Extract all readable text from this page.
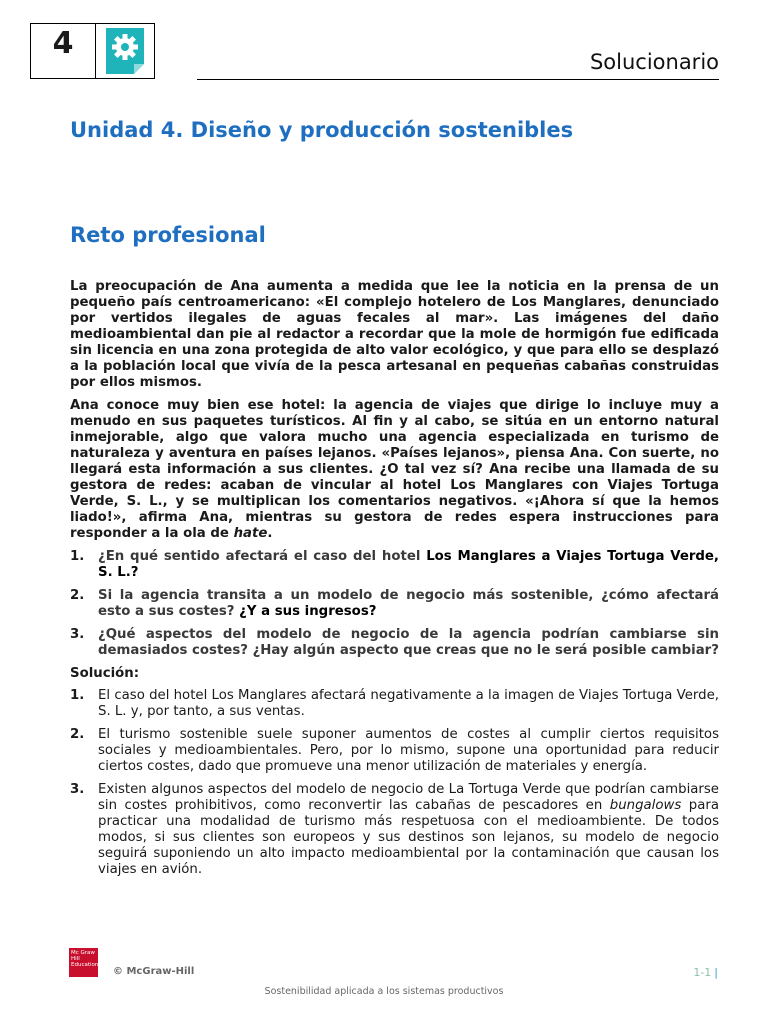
4
Solucionario
Unidad 4. Diseño y producción sostenibles
Reto profesional

La preocupación de Ana aumenta a medida que lee la noticia en la prensa de un pequeño país centroamericano: «El complejo hotelero de Los Manglares, denunciado por vertidos ilegales de aguas fecales al mar». Las imágenes del daño medioambiental dan pie al redactor a recordar que la mole de hormigón fue edificada sin licencia en una zona protegida de alto valor ecológico, y que para ello se desplazó a la población local que vivía de la pesca artesanal en pequeñas cabañas construidas por ellos mismos.

Ana conoce muy bien ese hotel: la agencia de viajes que dirige lo incluye muy a menudo en sus paquetes turísticos. Al fin y al cabo, se sitúa en un entorno natural inmejorable, algo que valora mucho una agencia especializada en turismo de naturaleza y aventura en países lejanos. «Países lejanos», piensa Ana. Con suerte, no llegará esta información a sus clientes. ¿O tal vez sí? Ana recibe una llamada de su gestora de redes: acaban de vincular al hotel Los Manglares con Viajes Tortuga Verde, S. L., y se multiplican los comentarios negativos. «¡Ahora sí que la hemos liado!», afirma Ana, mientras su gestora de redes espera instrucciones para responder a la ola de hate.

1. ¿En qué sentido afectará el caso del hotel Los Manglares a Viajes Tortuga Verde, S. L.?
2. Si la agencia transita a un modelo de negocio más sostenible, ¿cómo afectará esto a sus costes? ¿Y a sus ingresos?
3. ¿Qué aspectos del modelo de negocio de la agencia podrían cambiarse sin demasiados costes? ¿Hay algún aspecto que creas que no le será posible cambiar?
Solución:
1. El caso del hotel Los Manglares afectará negativamente a la imagen de Viajes Tortuga Verde, S. L. y, por tanto, a sus ventas.
2. El turismo sostenible suele suponer aumentos de costes al cumplir ciertos requisitos sociales y medioambientales. Pero, por lo mismo, supone una oportunidad para reducir ciertos costes, dado que promueve una menor utilización de materiales y energía.
3. Existen algunos aspectos del modelo de negocio de La Tortuga Verde que podrían cambiarse sin costes prohibitivos, como reconvertir las cabañas de pescadores en bungalows para practicar una modalidad de turismo más respetuosa con el medioambiente. De todos modos, si sus clientes son europeos y sus destinos son lejanos, su modelo de negocio seguirá suponiendo un alto impacto medioambiental por la contaminación que causan los viajes en avión.
Mc Graw Hill Education
© McGraw-Hill	1-1 |
Sostenibilidad aplicada a los sistemas productivos
